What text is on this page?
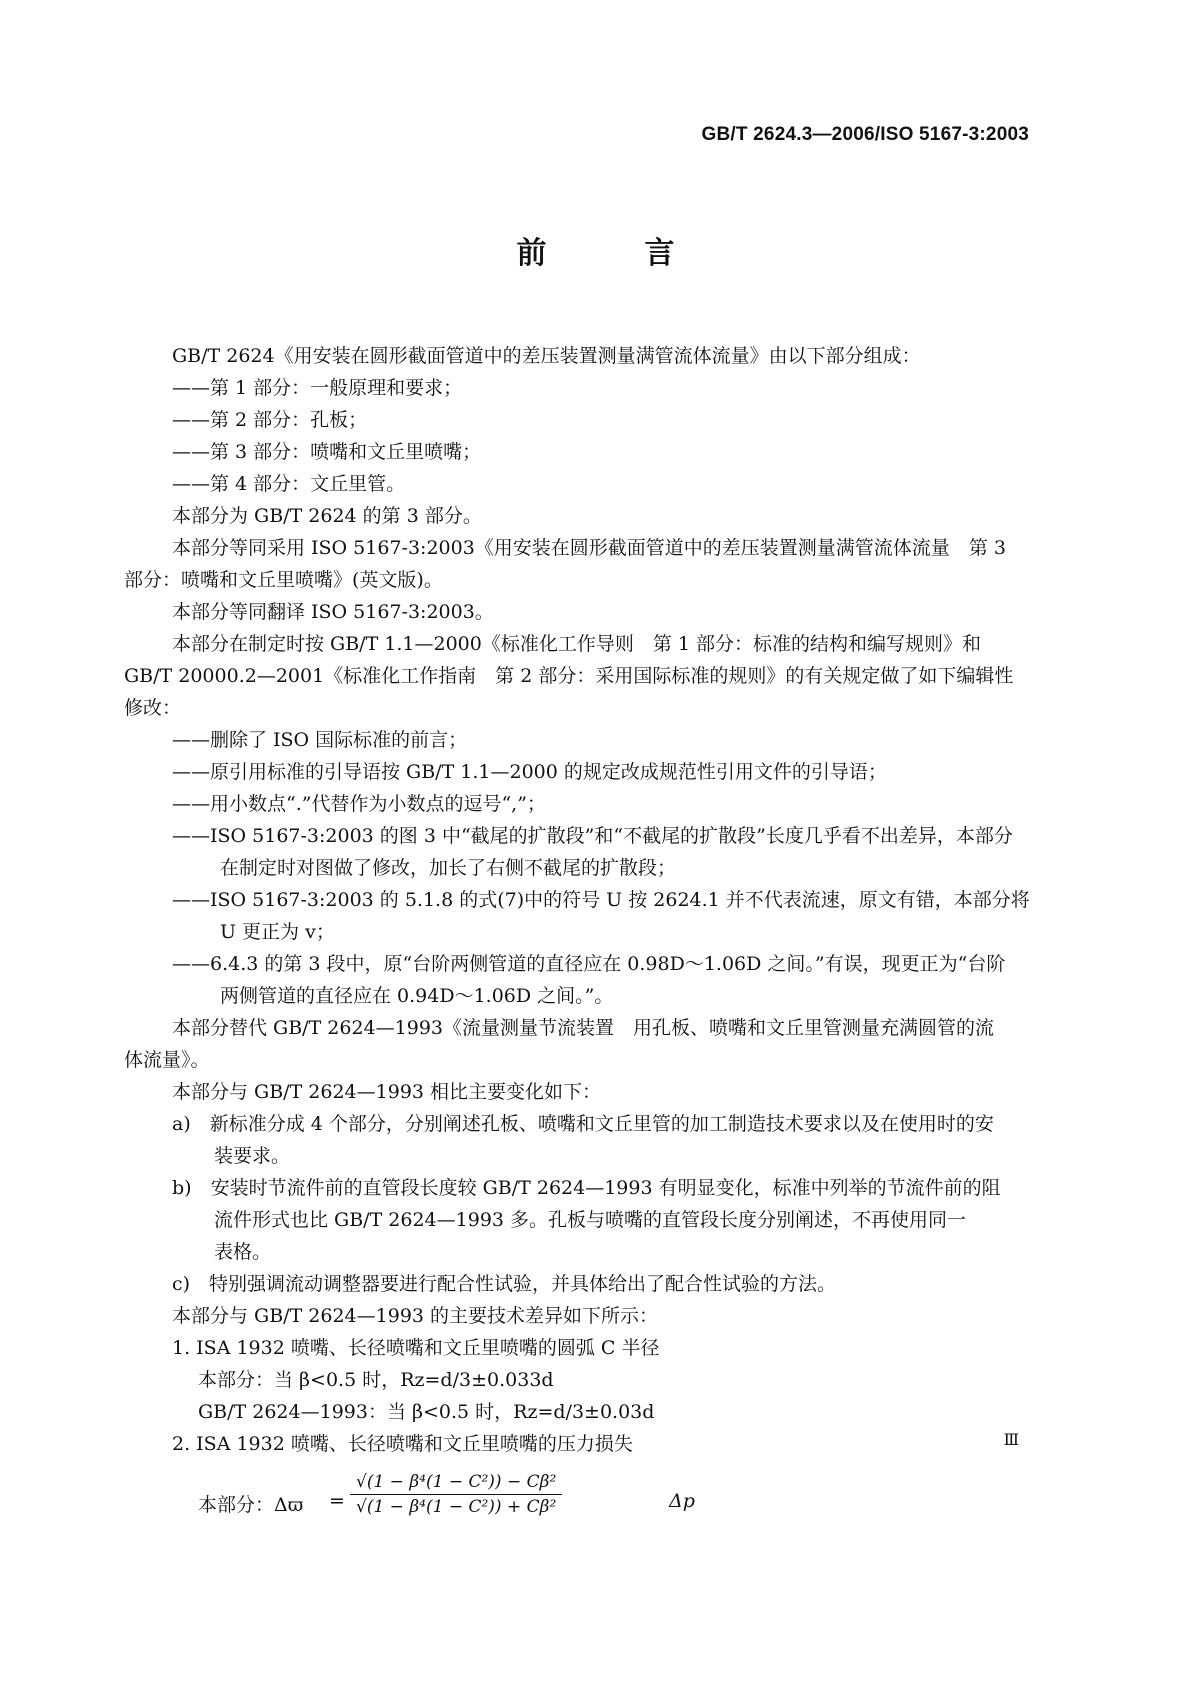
GB/T 2624.3—2006/ISO 5167-3:2003
前　言

GB/T 2624《用安装在圆形截面管道中的差压装置测量满管流体流量》由以下部分组成：

——第 1 部分：一般原理和要求；

——第 2 部分：孔板；

——第 3 部分：喷嘴和文丘里喷嘴；

——第 4 部分：文丘里管。

本部分为 GB/T 2624 的第 3 部分。

本部分等同采用 ISO 5167-3:2003《用安装在圆形截面管道中的差压装置测量满管流体流量　第 3

部分：喷嘴和文丘里喷嘴》(英文版)。

本部分等同翻译 ISO 5167-3:2003。

本部分在制定时按 GB/T 1.1—2000《标准化工作导则　第 1 部分：标准的结构和编写规则》和

GB/T 20000.2—2001《标准化工作指南　第 2 部分：采用国际标准的规则》的有关规定做了如下编辑性

修改：

——删除了 ISO 国际标准的前言；

——原引用标准的引导语按 GB/T 1.1—2000 的规定改成规范性引用文件的引导语；

——用小数点“.”代替作为小数点的逗号“,”；

——ISO 5167-3:2003 的图 3 中“截尾的扩散段”和“不截尾的扩散段”长度几乎看不出差异，本部分

在制定时对图做了修改，加长了右侧不截尾的扩散段；

——ISO 5167-3:2003 的 5.1.8 的式(7)中的符号 U 按 2624.1 并不代表流速，原文有错，本部分将

U 更正为 v；

——6.4.3 的第 3 段中，原“台阶两侧管道的直径应在 0.98D～1.06D 之间。”有误，现更正为“台阶

两侧管道的直径应在 0.94D～1.06D 之间。”。

本部分替代 GB/T 2624—1993《流量测量节流装置　用孔板、喷嘴和文丘里管测量充满圆管的流

体流量》。

本部分与 GB/T 2624—1993 相比主要变化如下：

a)　新标准分成 4 个部分，分别阐述孔板、喷嘴和文丘里管的加工制造技术要求以及在使用时的安

装要求。

b)　安装时节流件前的直管段长度较 GB/T 2624—1993 有明显变化，标准中列举的节流件前的阻

流件形式也比 GB/T 2624—1993 多。孔板与喷嘴的直管段长度分别阐述，不再使用同一

表格。

c)　特别强调流动调整器要进行配合性试验，并具体给出了配合性试验的方法。

本部分与 GB/T 2624—1993 的主要技术差异如下所示：

1. ISA 1932 喷嘴、长径喷嘴和文丘里喷嘴的圆弧 C 半径

本部分：当 β<0.5 时，Rz=d/3±0.033d

GB/T 2624—1993：当 β<0.5 时，Rz=d/3±0.03d

2. ISA 1932 喷嘴、长径喷嘴和文丘里喷嘴的压力损失

本部分：$\Delta ϖ = \frac{\text{√(1 − β⁴(1 − C²)) − Cβ²}}{\text{√(1 − β⁴(1 − C²)) + Cβ²}}$	Δp
Ⅲ
